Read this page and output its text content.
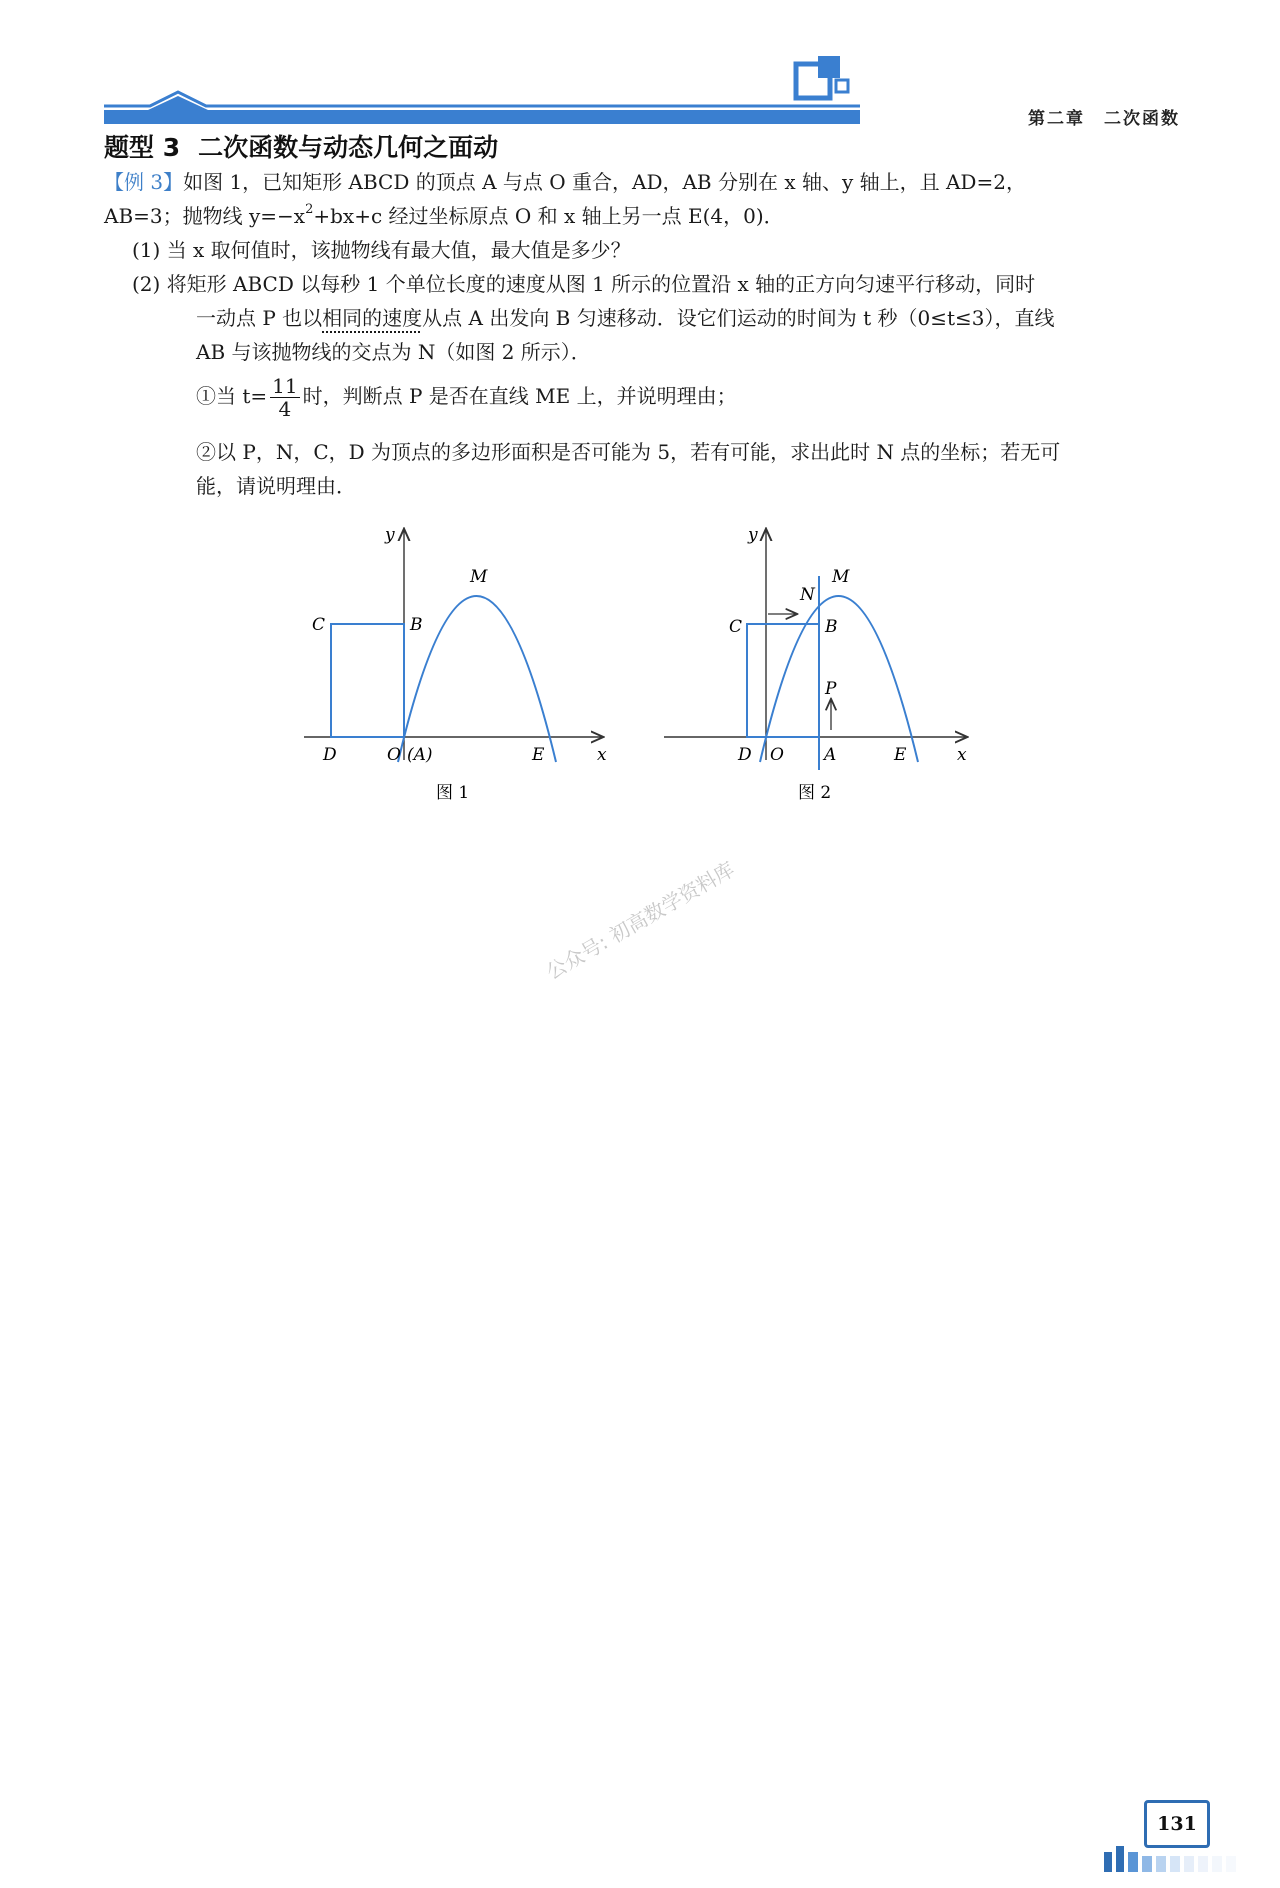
第二章　二次函数
题型 3 二次函数与动态几何之面动
【例 3】如图 1，已知矩形 ABCD 的顶点 A 与点 O 重合，AD，AB 分别在 x 轴、y 轴上，且 AD=2，
AB=3；抛物线 $y=-x^2+bx+c$ 经过坐标原点 O 和 x 轴上另一点 E(4，0)．
(1) 当 x 取何值时，该抛物线有最大值，最大值是多少？
(2) 将矩形 ABCD 以每秒 1 个单位长度的速度从图 1 所示的位置沿 x 轴的正方向匀速平行移动，同时
一动点 P 也以相同的速度从点 A 出发向 B 匀速移动．设它们运动的时间为 t 秒（0≤t≤3），直线
AB 与该抛物线的交点为 N（如图 2 所示）．
①当 $t= \frac{11}{4}$ 时，判断点 P 是否在直线 ME 上，并说明理由；
②以 P，N，C，D 为顶点的多边形面积是否可能为 5，若有可能，求出此时 N 点的坐标；若无可
能，请说明理由．
y
x
M
C	B
D	O (A)	E
图 1
y
x
M
N
C	B
P
D O A	E
图 2
公众号: 初高数学资料库
131
